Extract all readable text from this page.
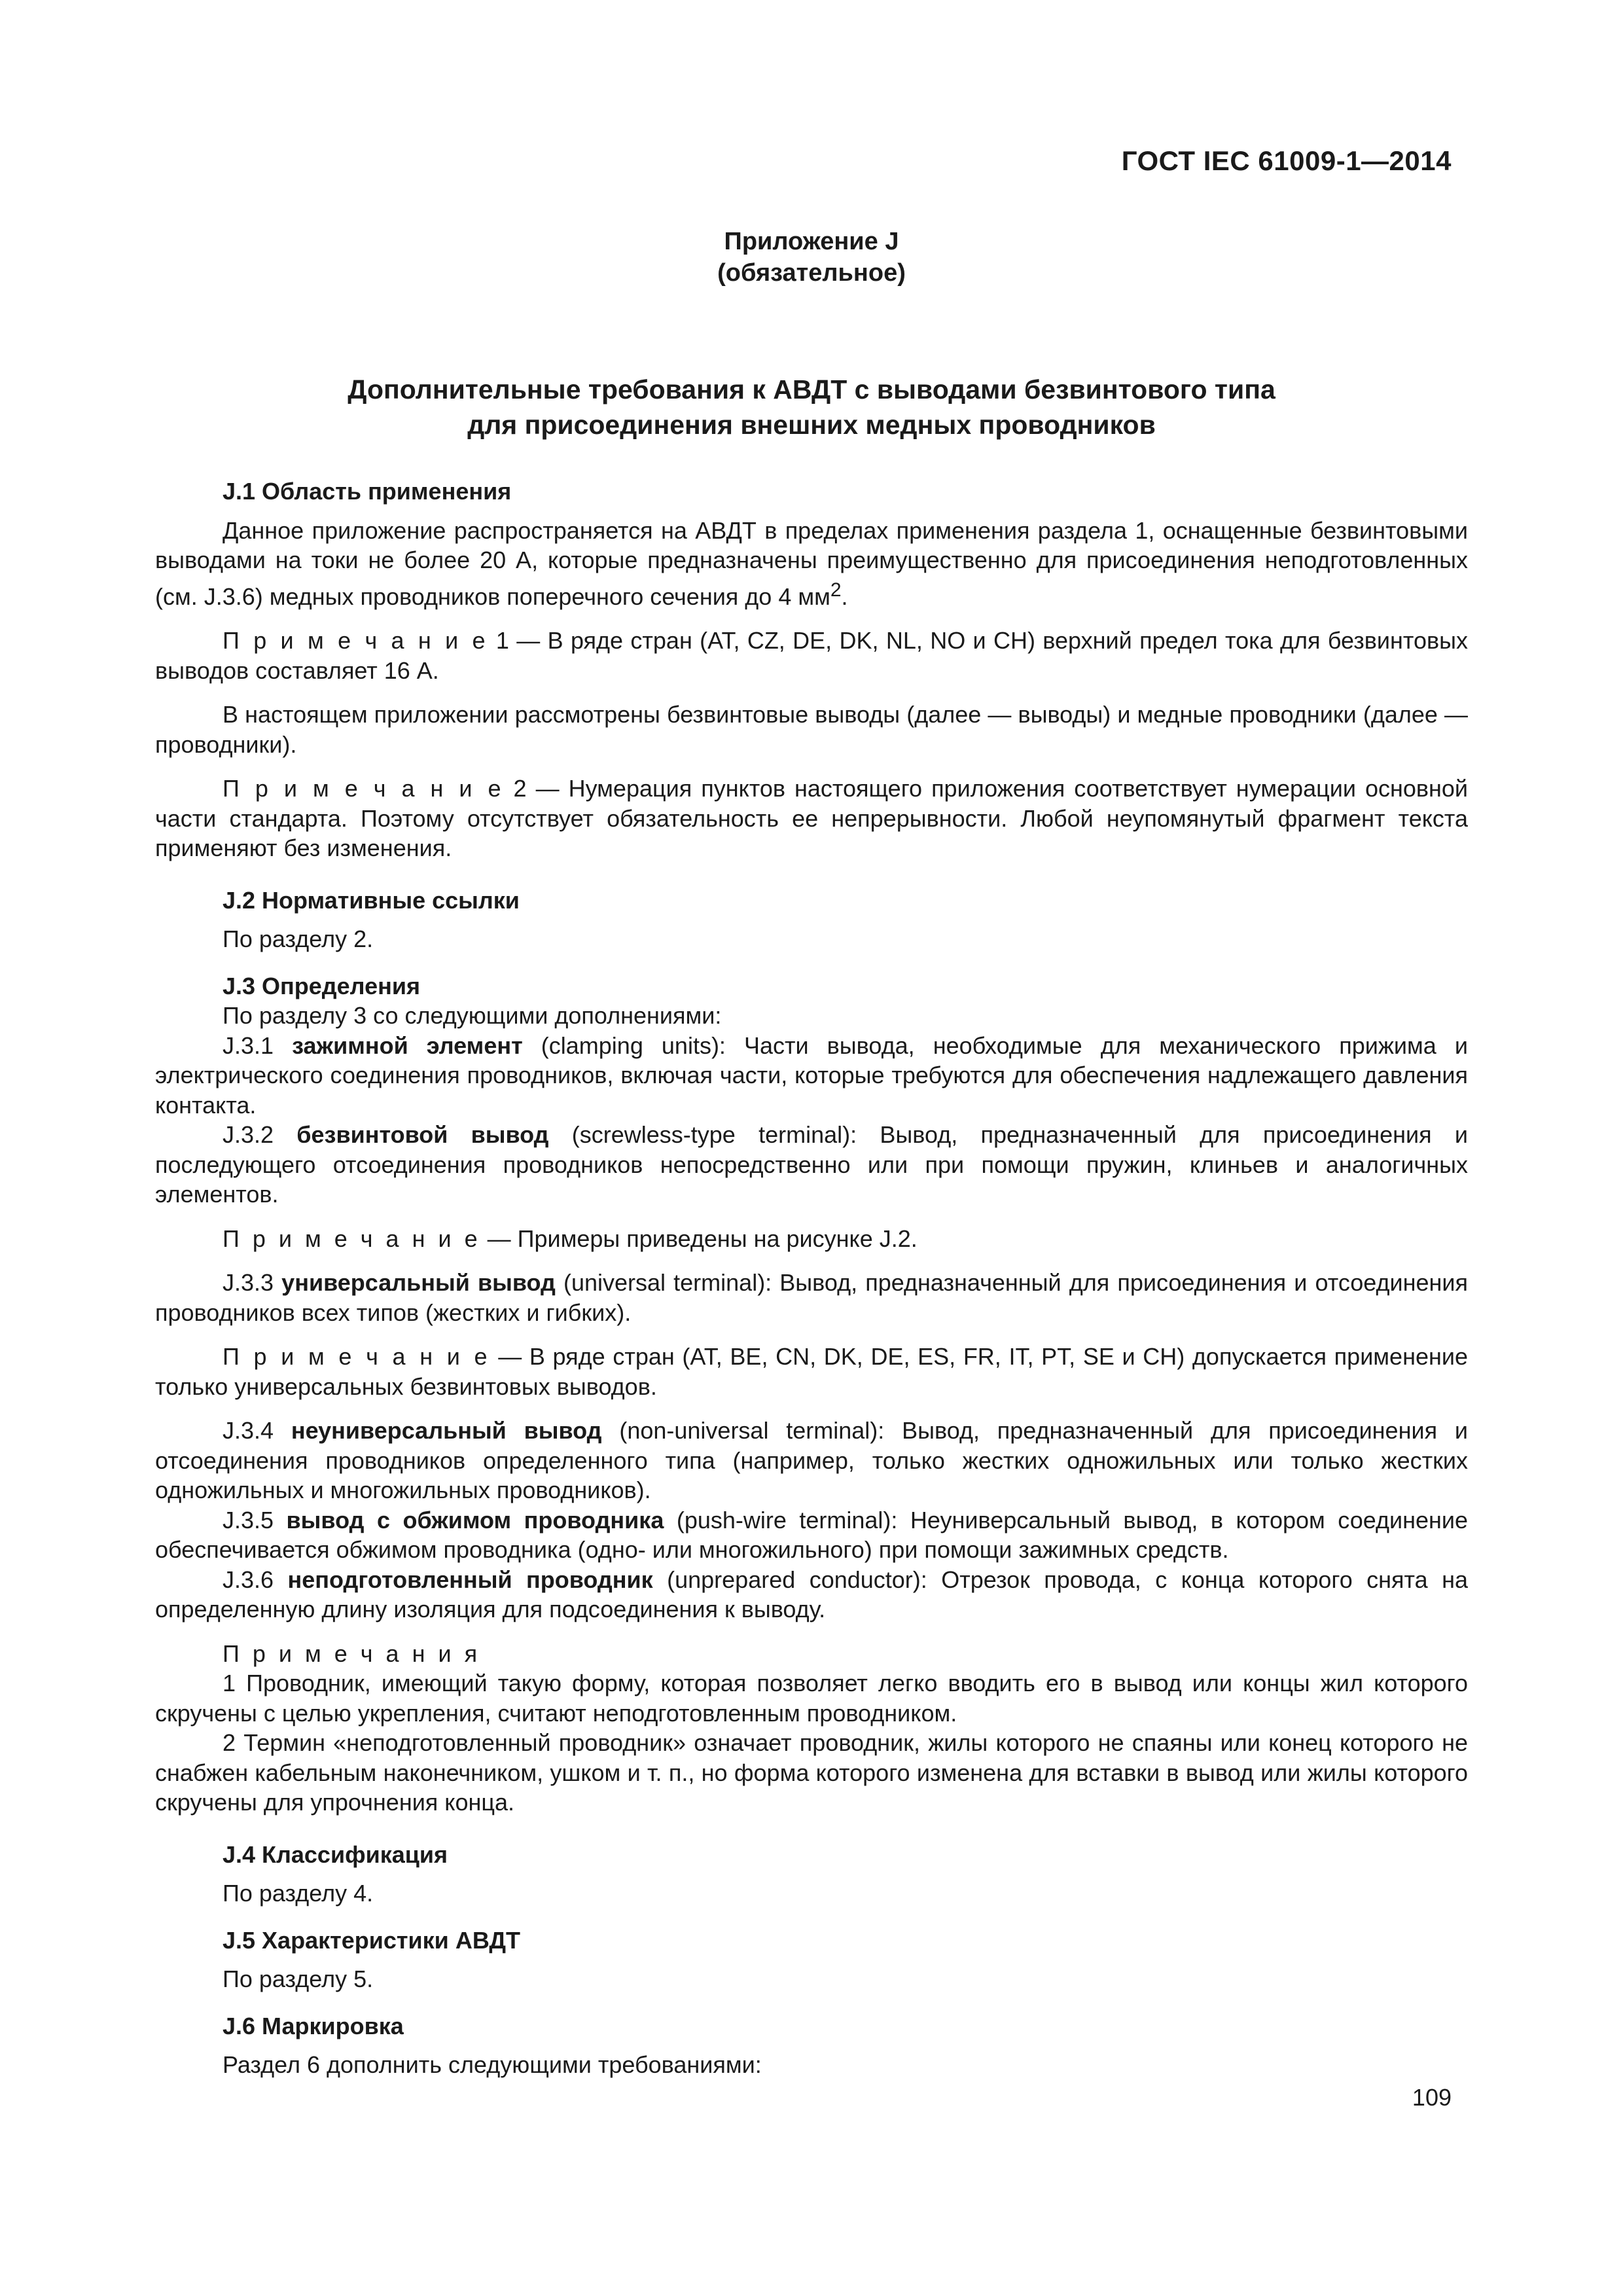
ГОСТ IEC 61009-1—2014
Приложение J
(обязательное)
Дополнительные требования к АВДТ с выводами безвинтового типа
для присоединения внешних медных проводников

J.1 Область применения

Данное приложение распространяется на АВДТ в пределах применения раздела 1, оснащенные безвинтовыми выводами на токи не более 20 А, которые предназначены преимущественно для присоединения неподготовленных (см. J.3.6) медных проводников поперечного сечения до 4 $мм^2$.

П р и м е ч а н и е 1 — В ряде стран (AT, CZ, DE, DK, NL, NO и CH) верхний предел тока для безвинтовых выводов составляет 16 А.

В настоящем приложении рассмотрены безвинтовые выводы (далее — выводы) и медные проводники (далее — проводники).

П р и м е ч а н и е 2 — Нумерация пунктов настоящего приложения соответствует нумерации основной части стандарта. Поэтому отсутствует обязательность ее непрерывности. Любой неупомянутый фрагмент текста применяют без изменения.

J.2 Нормативные ссылки

По разделу 2.

J.3 Определения

По разделу 3 со следующими дополнениями:

J.3.1 зажимной элемент (clamping units): Части вывода, необходимые для механического прижима и электрического соединения проводников, включая части, которые требуются для обеспечения надлежащего давления контакта.

J.3.2 безвинтовой вывод (screwless-type terminal): Вывод, предназначенный для присоединения и последующего отсоединения проводников непосредственно или при помощи пружин, клиньев и аналогичных элементов.

П р и м е ч а н и е — Примеры приведены на рисунке J.2.

J.3.3 универсальный вывод (universal terminal): Вывод, предназначенный для присоединения и отсоединения проводников всех типов (жестких и гибких).

П р и м е ч а н и е — В ряде стран (AT, BE, CN, DK, DE, ES, FR, IT, PT, SE и CH) допускается применение только универсальных безвинтовых выводов.

J.3.4 неуниверсальный вывод (non-universal terminal): Вывод, предназначенный для присоединения и отсоединения проводников определенного типа (например, только жестких одножильных или только жестких одножильных и многожильных проводников).

J.3.5 вывод с обжимом проводника (push-wire terminal): Неуниверсальный вывод, в котором соединение обеспечивается обжимом проводника (одно- или многожильного) при помощи зажимных средств.

J.3.6 неподготовленный проводник (unprepared conductor): Отрезок провода, с конца которого снята на определенную длину изоляция для подсоединения к выводу.

П р и м е ч а н и я

1 Проводник, имеющий такую форму, которая позволяет легко вводить его в вывод или концы жил которого скручены с целью укрепления, считают неподготовленным проводником.

2 Термин «неподготовленный проводник» означает проводник, жилы которого не спаяны или конец которого не снабжен кабельным наконечником, ушком и т. п., но форма которого изменена для вставки в вывод или жилы которого скручены для упрочнения конца.

J.4 Классификация

По разделу 4.

J.5 Характеристики АВДТ

По разделу 5.

J.6 Маркировка

Раздел 6 дополнить следующими требованиями:

109
